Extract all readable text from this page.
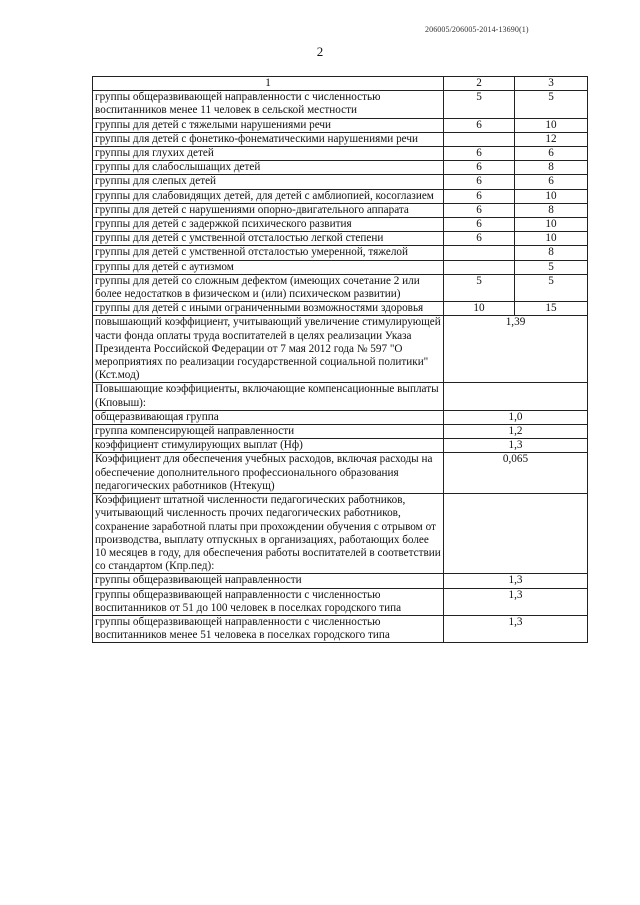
206005/206005-2014-13690(1)
2
1	2	3
группы общеразвивающей направленности с численностью воспитанников менее 11 человек в сельской местности	5	5
группы для детей с тяжелыми нарушениями речи	6	10
группы для детей с фонетико-фонематическими нарушениями речи		12
группы для глухих детей	6	6
группы для слабослышащих детей	6	8
группы для слепых детей	6	6
группы для слабовидящих детей, для детей с амблиопией, косоглазием	6	10
группы для детей с нарушениями опорно-двигательного аппарата	6	8
группы для детей с задержкой психического развития	6	10
группы для детей с умственной отсталостью легкой степени	6	10
группы для детей с умственной отсталостью умеренной, тяжелой		8
группы для детей с аутизмом		5
группы для детей со сложным дефектом (имеющих сочетание 2 или более недостатков в физическом и (или) психическом развитии)	5	5
группы для детей с иными ограниченными возможностями здоровья	10	15
повышающий коэффициент, учитывающий увеличение стимулирующей части фонда оплаты труда воспитателей в целях реализации Указа Президента Российской Федерации от 7 мая 2012 года № 597 "О мероприятиях по реализации государственной социальной политики" (Кст.мод)	1,39	
Повышающие коэффициенты, включающие компенсационные выплаты (Кповыш):		
общеразвивающая группа	1,0	
группа компенсирующей направленности	1,2	
коэффициент стимулирующих выплат (Нф)	1,3	
Коэффициент для обеспечения учебных расходов, включая расходы на обеспечение дополнительного профессионального образования педагогических работников (Нтекущ)	0,065	
Коэффициент штатной численности педагогических работников, учитывающий численность прочих педагогических работников, сохранение заработной платы при прохождении обучения с отрывом от производства, выплату отпускных в организациях, работающих более 10 месяцев в году, для обеспечения работы воспитателей в соответствии со стандартом (Кпр.пед):		
группы общеразвивающей направленности	1,3	
группы общеразвивающей направленности с численностью воспитанников от 51 до 100 человек в поселках городского типа	1,3	
группы общеразвивающей направленности с численностью воспитанников менее 51 человека в поселках городского типа	1,3	
